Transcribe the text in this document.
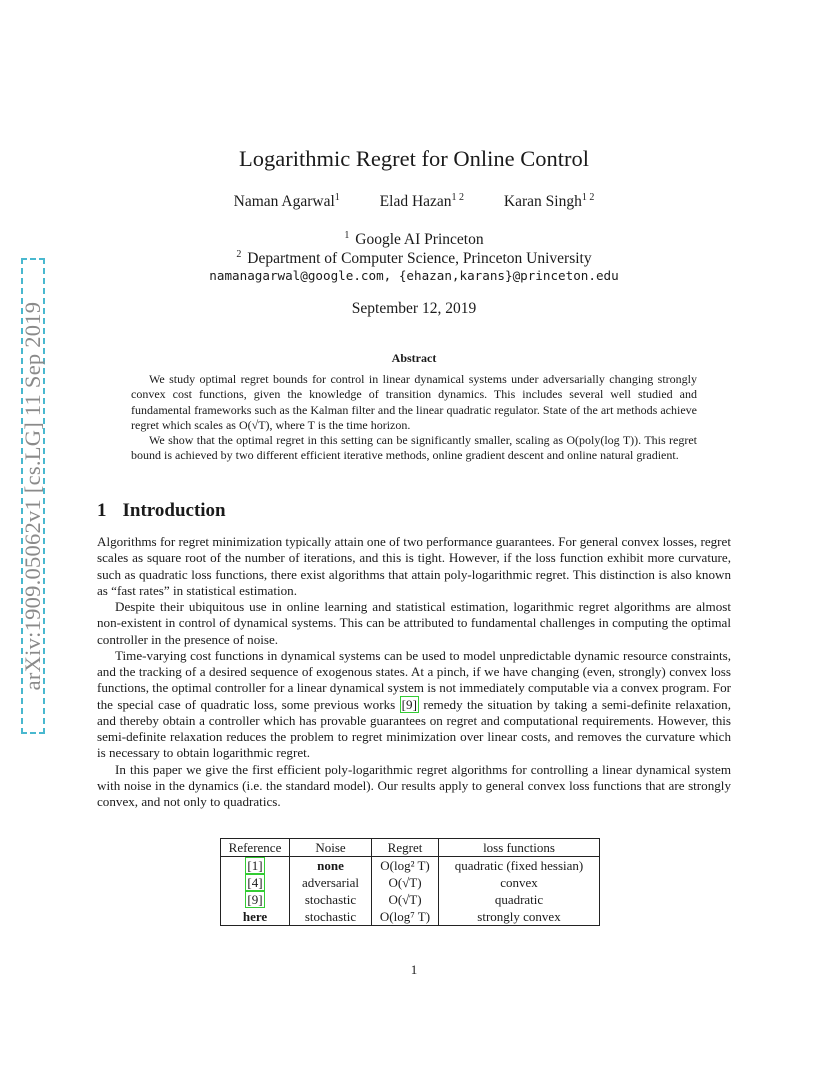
arXiv:1909.05062v1 [cs.LG] 11 Sep 2019
Logarithmic Regret for Online Control
Naman Agarwal$^1$	Elad Hazan$^{1 2}$	Karan Singh$^{1 2}$
$^1$ Google AI Princeton
$^2$ Department of Computer Science, Princeton University
namanagarwal@google.com, {ehazan,karans}@princeton.edu
September 12, 2019
Abstract

We study optimal regret bounds for control in linear dynamical systems under adversarially changing strongly convex cost functions, given the knowledge of transition dynamics. This includes several well studied and fundamental frameworks such as the Kalman filter and the linear quadratic regulator. State of the art methods achieve regret which scales as O(√T), where T is the time horizon.

We show that the optimal regret in this setting can be significantly smaller, scaling as O(poly(log T)). This regret bound is achieved by two different efficient iterative methods, online gradient descent and online natural gradient.

1 Introduction

Algorithms for regret minimization typically attain one of two performance guarantees. For general convex losses, regret scales as square root of the number of iterations, and this is tight. However, if the loss function exhibit more curvature, such as quadratic loss functions, there exist algorithms that attain poly-logarithmic regret. This distinction is also known as “fast rates” in statistical estimation.

Despite their ubiquitous use in online learning and statistical estimation, logarithmic regret algorithms are almost non-existent in control of dynamical systems. This can be attributed to fundamental challenges in computing the optimal controller in the presence of noise.

Time-varying cost functions in dynamical systems can be used to model unpredictable dynamic resource constraints, and the tracking of a desired sequence of exogenous states. At a pinch, if we have changing (even, strongly) convex loss functions, the optimal controller for a linear dynamical system is not immediately computable via a convex program. For the special case of quadratic loss, some previous works [9] remedy the situation by taking a semi-definite relaxation, and thereby obtain a controller which has provable guarantees on regret and computational requirements. However, this semi-definite relaxation reduces the problem to regret minimization over linear costs, and removes the curvature which is necessary to obtain logarithmic regret.

In this paper we give the first efficient poly-logarithmic regret algorithms for controlling a linear dynamical system with noise in the dynamics (i.e. the standard model). Our results apply to general convex loss functions that are strongly convex, and not only to quadratics.

Reference	Noise	Regret	loss functions
[1]	none	O(log² T)	quadratic (fixed hessian)
[4]	adversarial	O(√T)	convex
[9]	stochastic	O(√T)	quadratic
here	stochastic	O(log⁷ T)	strongly convex
1
